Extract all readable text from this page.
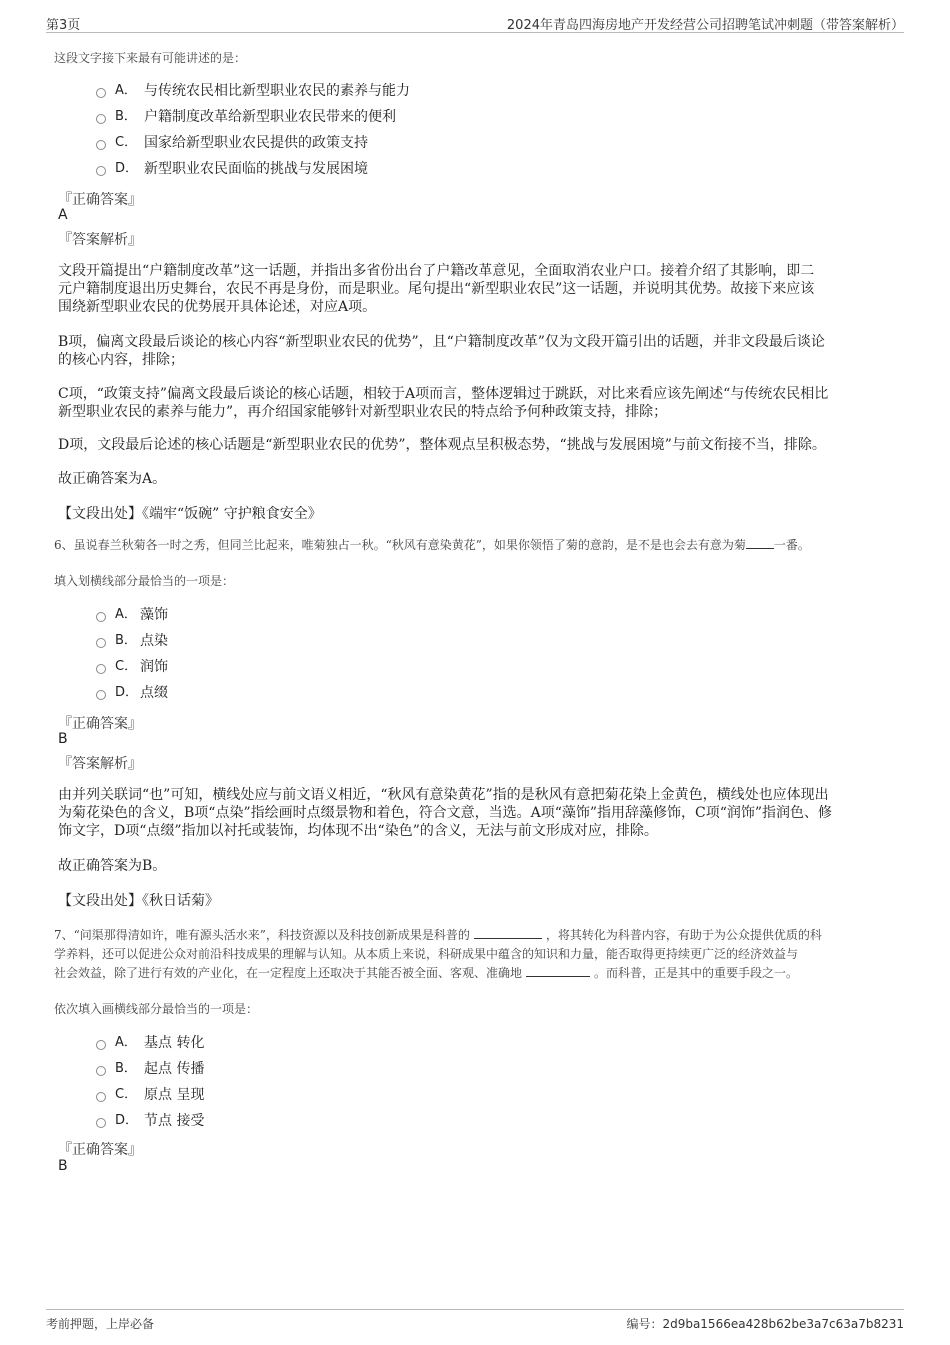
第3页	2024年青岛四海房地产开发经营公司招聘笔试冲刺题（带答案解析）
这段文字接下来最有可能讲述的是：
A． 与传统农民相比新型职业农民的素养与能力
B． 户籍制度改革给新型职业农民带来的便利
C． 国家给新型职业农民提供的政策支持
D． 新型职业农民面临的挑战与发展困境
『正确答案』
A
『答案解析』
文段开篇提出“户籍制度改革”这一话题，并指出多省份出台了户籍改革意见，全面取消农业户口。接着介绍了其影响，即二
元户籍制度退出历史舞台，农民不再是身份，而是职业。尾句提出“新型职业农民”这一话题，并说明其优势。故接下来应该
围绕新型职业农民的优势展开具体论述，对应A项。
B项，偏离文段最后谈论的核心内容“新型职业农民的优势”，且“户籍制度改革”仅为文段开篇引出的话题，并非文段最后谈论
的核心内容，排除；
C项，“政策支持”偏离文段最后谈论的核心话题，相较于A项而言，整体逻辑过于跳跃，对比来看应该先阐述“与传统农民相比
新型职业农民的素养与能力”，再介绍国家能够针对新型职业农民的特点给予何种政策支持，排除；
D项，文段最后论述的核心话题是“新型职业农民的优势”，整体观点呈积极态势，“挑战与发展困境”与前文衔接不当，排除。
故正确答案为A。
【文段出处】《端牢“饭碗” 守护粮食安全》
6、虽说春兰秋菊各一时之秀，但同兰比起来，唯菊独占一秋。“秋风有意染黄花”，如果你领悟了菊的意韵，是不是也会去有意为菊 一番。
填入划横线部分最恰当的一项是：
A． 藻饰
B． 点染
C． 润饰
D． 点缀
『正确答案』
B
『答案解析』
由并列关联词“也”可知，横线处应与前文语义相近，“秋风有意染黄花”指的是秋风有意把菊花染上金黄色，横线处也应体现出
为菊花染色的含义，B项“点染”指绘画时点缀景物和着色，符合文意，当选。A项“藻饰”指用辞藻修饰，C项“润饰”指润色、修
饰文字，D项“点缀”指加以衬托或装饰，均体现不出“染色”的含义，无法与前文形成对应，排除。
故正确答案为B。
【文段出处】《秋日话菊》
7、“问渠那得清如许，唯有源头活水来”，科技资源以及科技创新成果是科普的	，将其转化为科普内容，有助于为公众提供优质的科
学养料，还可以促进公众对前沿科技成果的理解与认知。从本质上来说，科研成果中蕴含的知识和力量，能否取得更持续更广泛的经济效益与
社会效益，除了进行有效的产业化，在一定程度上还取决于其能否被全面、客观、准确地	。而科普，正是其中的重要手段之一。
依次填入画横线部分最恰当的一项是：
A． 基点 转化
B． 起点 传播
C． 原点 呈现
D． 节点 接受
『正确答案』
B
考前押题，上岸必备	编号：2d9ba1566ea428b62be3a7c63a7b8231
